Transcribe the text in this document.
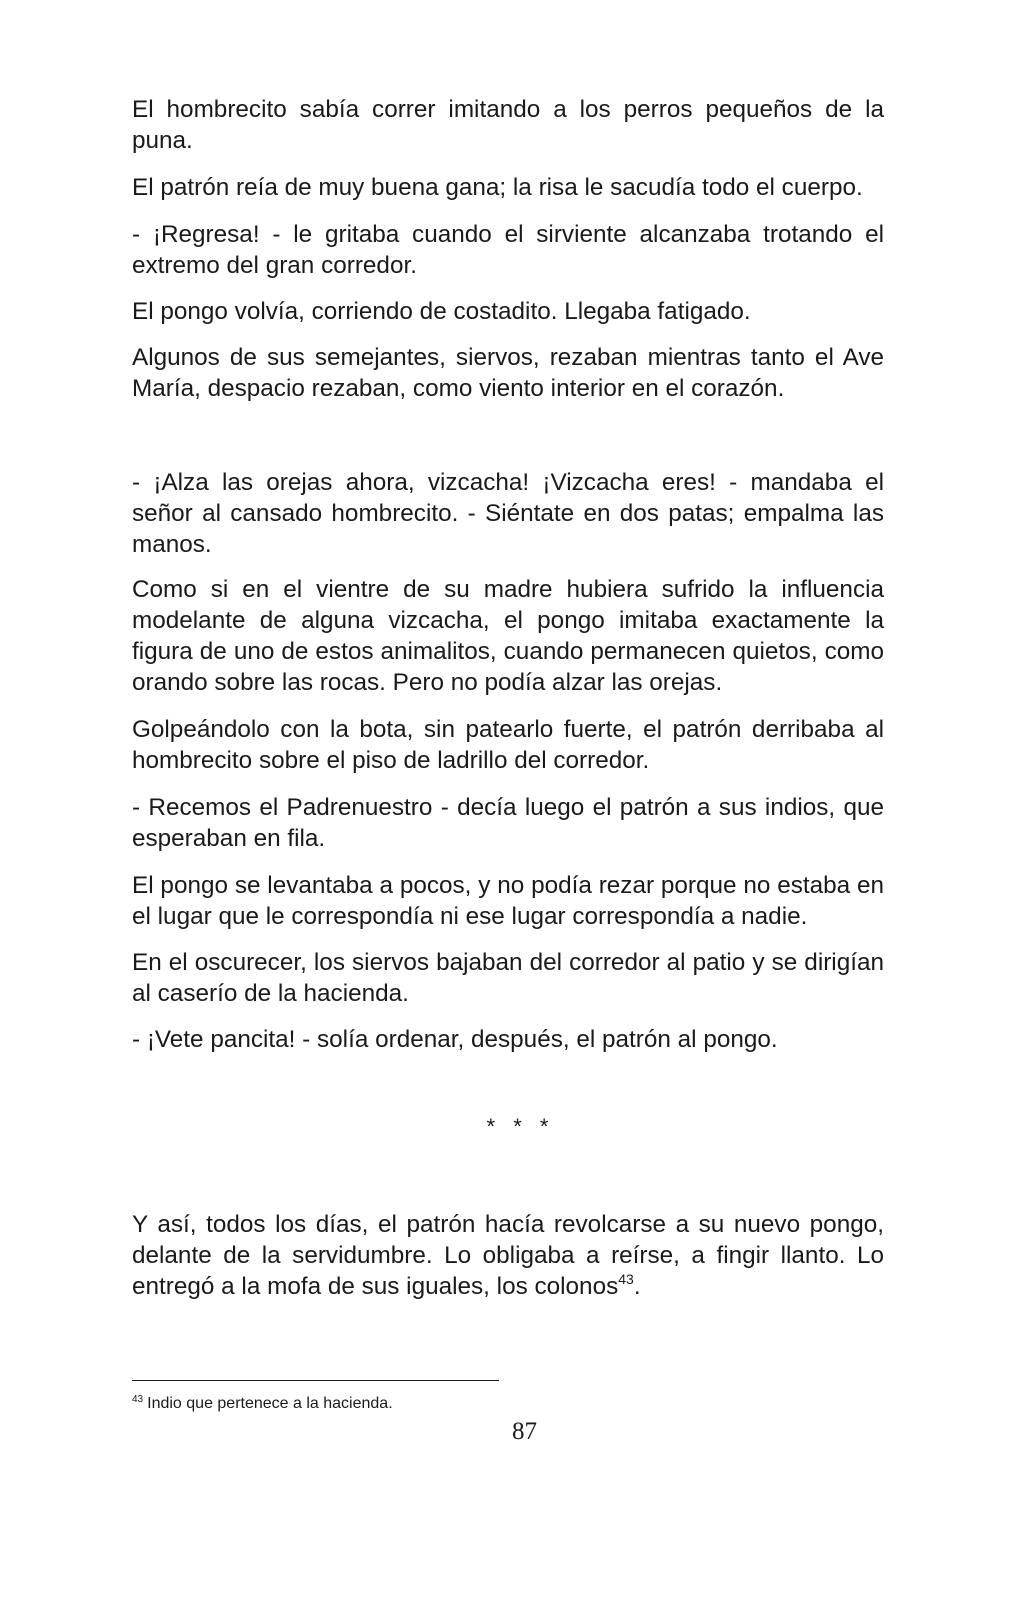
El hombrecito sabía correr imitando a los perros pequeños de la puna.

El patrón reía de muy buena gana; la risa le sacudía todo el cuerpo.

- ¡Regresa! - le gritaba cuando el sirviente alcanzaba trotando el extremo del gran corredor.

El pongo volvía, corriendo de costadito. Llegaba fatigado.

Algunos de sus semejantes, siervos, rezaban mientras tanto el Ave María, despacio rezaban, como viento interior en el corazón.

- ¡Alza las orejas ahora, vizcacha! ¡Vizcacha eres! - mandaba el señor al cansado hombrecito. - Siéntate en dos patas; empalma las manos.

Como si en el vientre de su madre hubiera sufrido la influencia modelante de alguna vizcacha, el pongo imitaba exactamente la figura de uno de estos animalitos, cuando permanecen quietos, como orando sobre las rocas. Pero no podía alzar las orejas.

Golpeándolo con la bota, sin patearlo fuerte, el patrón derribaba al hombrecito sobre el piso de ladrillo del corredor.

- Recemos el Padrenuestro - decía luego el patrón a sus indios, que esperaban en fila.

El pongo se levantaba a pocos, y no podía rezar porque no estaba en el lugar que le correspondía ni ese lugar correspondía a nadie.

En el oscurecer, los siervos bajaban del corredor al patio y se dirigían al caserío de la hacienda.

- ¡Vete pancita! - solía ordenar, después, el patrón al pongo.

* * *

Y así, todos los días, el patrón hacía revolcarse a su nuevo pongo, delante de la servidumbre. Lo obligaba a reírse, a fingir llanto. Lo entregó a la mofa de sus iguales, los colonos$^{43}$.

$^{43}$ Indio que pertenece a la hacienda.
87
